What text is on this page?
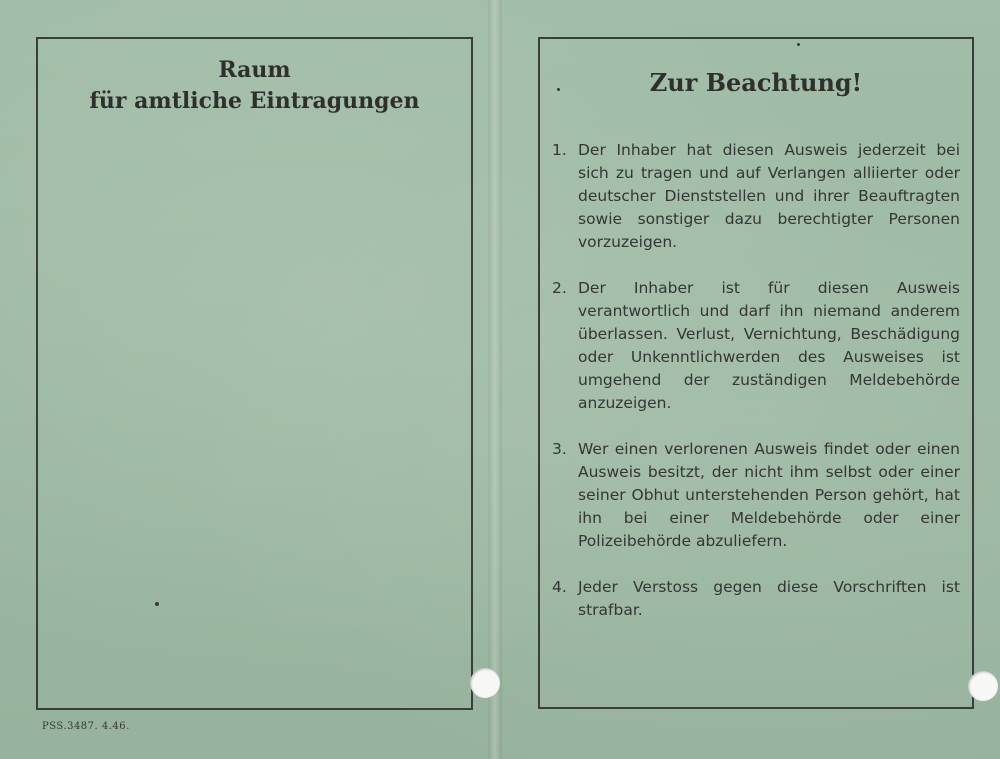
Raum
für amtliche Eintragungen
PSS.3487. 4.46.
Zur Beachtung!
1. Der Inhaber hat diesen Ausweis jederzeit bei sich zu tragen und auf Verlangen alliierter oder deutscher Dienststellen und ihrer Beauftragten sowie sonstiger dazu berechtigter Personen vorzuzeigen.
2. Der Inhaber ist für diesen Ausweis verantwortlich und darf ihn niemand anderem überlassen. Verlust, Vernichtung, Beschädigung oder Unkenntlichwerden des Ausweises ist umgehend der zuständigen Meldebehörde anzuzeigen.
3. Wer einen verlorenen Ausweis findet oder einen Ausweis besitzt, der nicht ihm selbst oder einer seiner Obhut unterstehenden Person gehört, hat ihn bei einer Meldebehörde oder einer Polizeibehörde abzuliefern.
4. Jeder Verstoss gegen diese Vorschriften ist strafbar.
